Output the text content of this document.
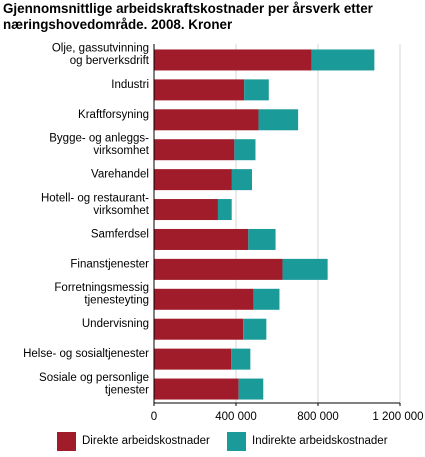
Gjennomsnittlige arbeidskraftskostnader per årsverk etter
næringshovedområde. 2008. Kroner
Olje, gassutvinning
og berverksdrift
Industri
Kraftforsyning
Bygge- og anleggs-
virksomhet
Varehandel
Hotell- og restaurant-
virksomhet
Samferdsel
Finanstjenester
Forretningsmessig
tjenesteyting
Undervisning
Helse- og sosialtjenester
Sosiale og personlige
tjenester
0	400 000	800 000	1 200 000
Direkte arbeidskostnader	Indirekte arbeidskostnader
